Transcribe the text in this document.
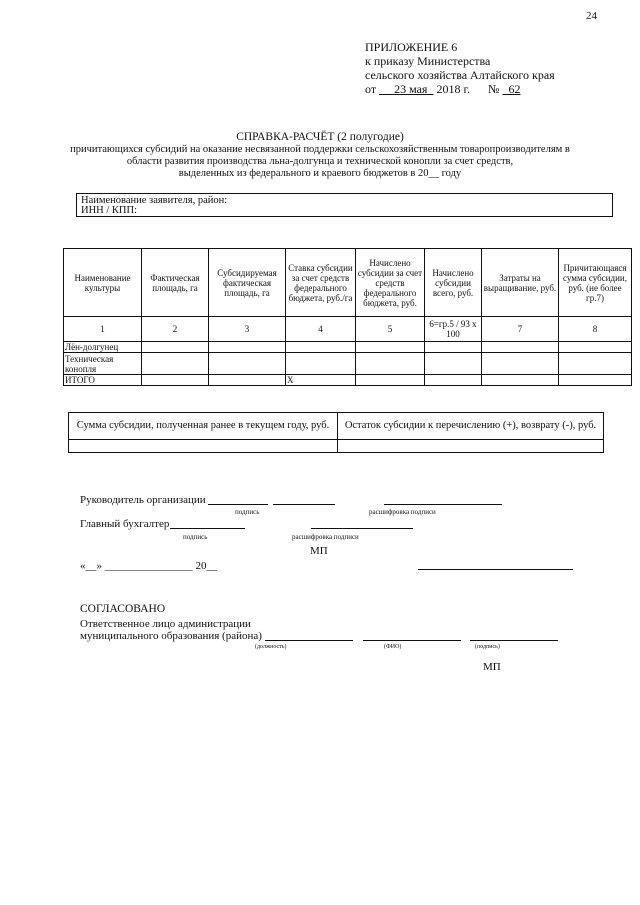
24
ПРИЛОЖЕНИЕ 6
к приказу Министерства
сельского хозяйства Алтайского края
от 23 мая 2018 г. № 62
СПРАВКА-РАСЧЁТ (2 полугодие)
причитающихся субсидий на оказание несвязанной поддержки сельскохозяйственным товаропроизводителям в
области развития производства льна-долгунца и технической конопли за счет средств,
выделенных из федерального и краевого бюджетов в 20__ году
Наименование заявителя, район:
ИНН / КПП:
Наименование культуры	Фактическая площадь, га	Субсидируемая фактическая площадь, га	Ставка субсидии за счет средств федерального бюджета, руб./га	Начислено субсидии за счет средств федерального бюджета, руб.	Начислено субсидии всего, руб.	Затраты на выращивание, руб.	Причитающаяся сумма субсидии, руб. (не более гр.7)
1	2	3	4	5	6=гр.5 / 93 х 100	7	8
Лён-долгунец							
Техническая конопля							
ИТОГО			Х				
Сумма субсидии, полученная ранее в текущем году, руб.	Остаток субсидии к перечислению (+), возврату (-), руб.

Руководитель организации
подпись	расшифровка подписи
Главный бухгалтер
подпись	расшифровка подписи
МП
«__» ________________ 20__
СОГЛАСОВАНО
Ответственное лицо администрации
муниципального образования (района)
(должность)	(ФИО)	(подпись)
МП
